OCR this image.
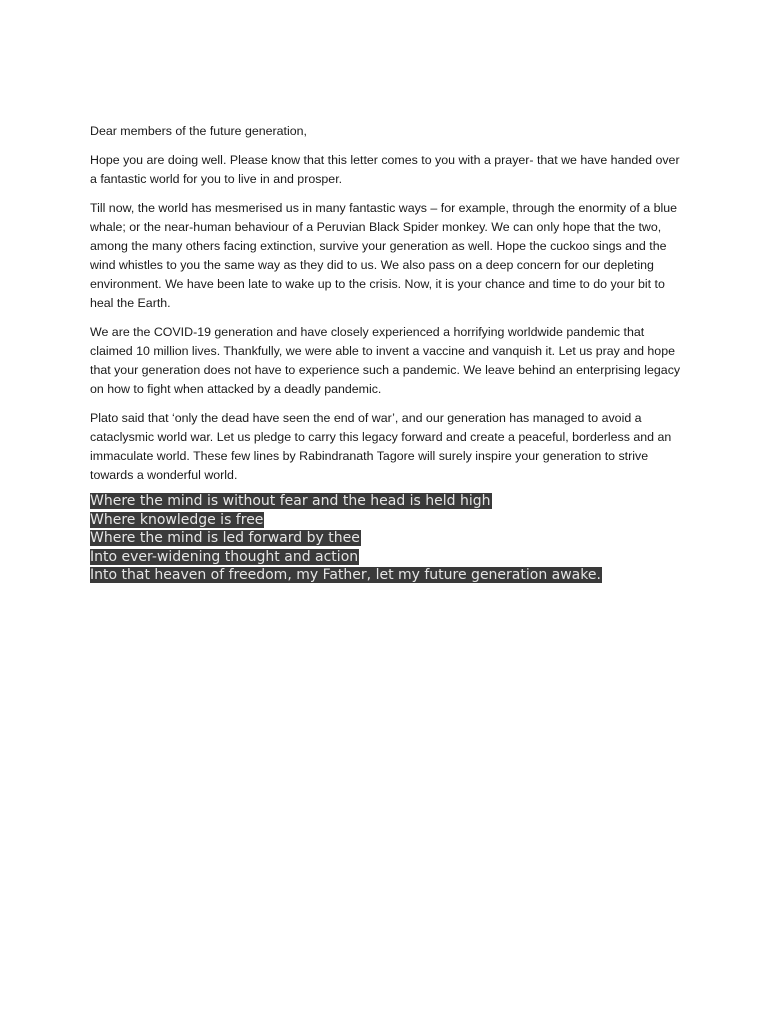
Dear members of the future generation,

Hope you are doing well. Please know that this letter comes to you with a prayer- that we have handed over a fantastic world for you to live in and prosper.

Till now, the world has mesmerised us in many fantastic ways – for example, through the enormity of a blue whale; or the near-human behaviour of a Peruvian Black Spider monkey. We can only hope that the two, among the many others facing extinction, survive your generation as well. Hope the cuckoo sings and the wind whistles to you the same way as they did to us. We also pass on a deep concern for our depleting environment. We have been late to wake up to the crisis. Now, it is your chance and time to do your bit to heal the Earth.

We are the COVID-19 generation and have closely experienced a horrifying worldwide pandemic that claimed 10 million lives. Thankfully, we were able to invent a vaccine and vanquish it. Let us pray and hope that your generation does not have to experience such a pandemic. We leave behind an enterprising legacy on how to fight when attacked by a deadly pandemic.

Plato said that ‘only the dead have seen the end of war’, and our generation has managed to avoid a cataclysmic world war. Let us pledge to carry this legacy forward and create a peaceful, borderless and an immaculate world. These few lines by Rabindranath Tagore will surely inspire your generation to strive towards a wonderful world.

Where the mind is without fear and the head is held high
Where knowledge is free
Where the mind is led forward by thee
Into ever-widening thought and action
Into that heaven of freedom, my Father, let my future generation awake.
